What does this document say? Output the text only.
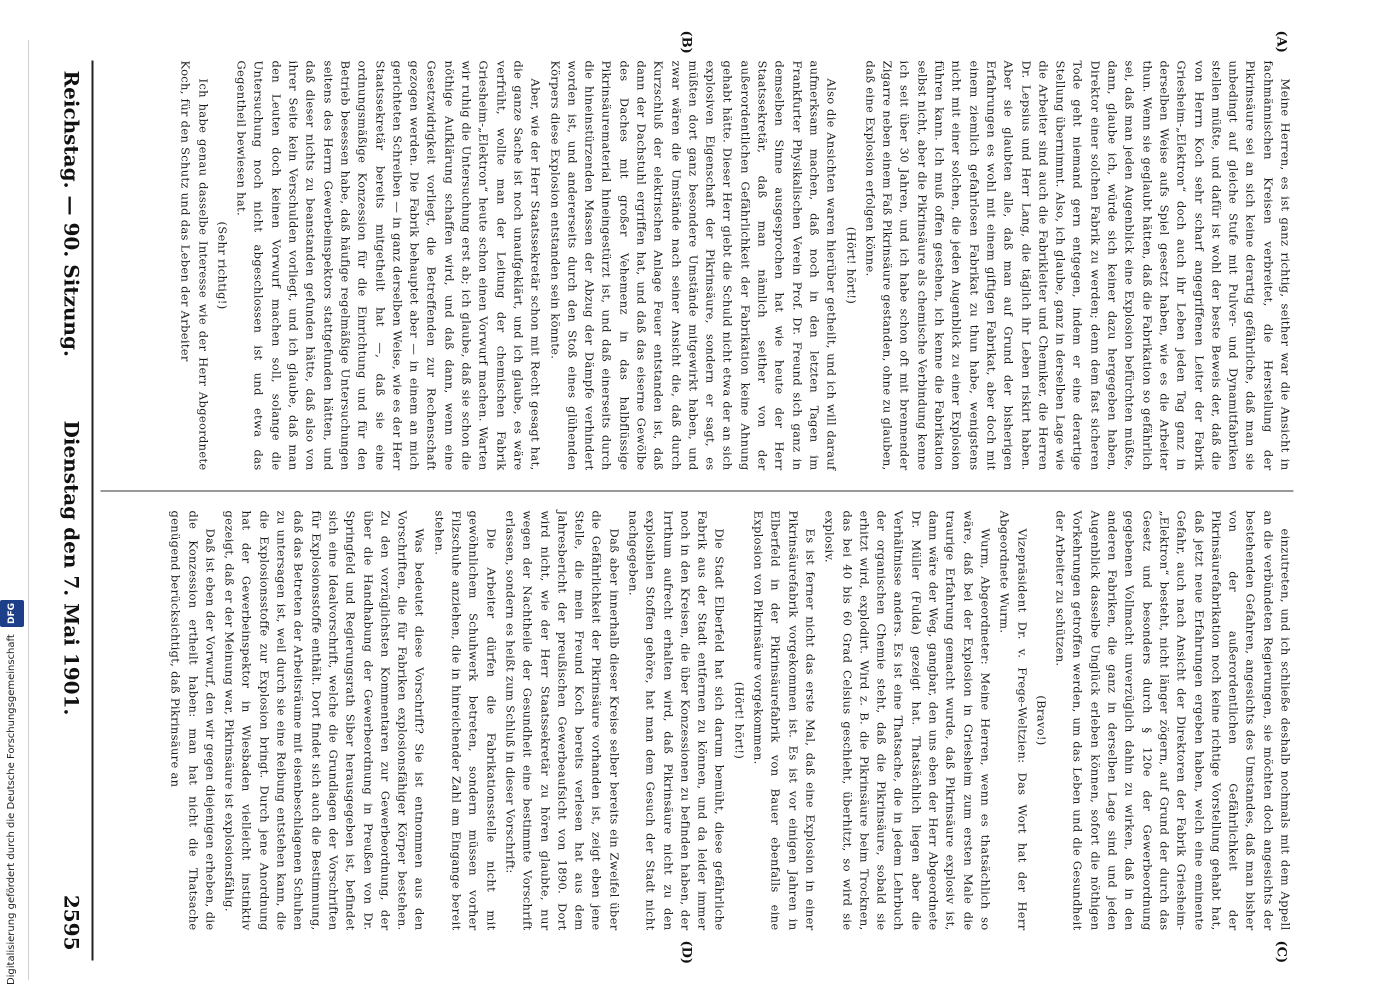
Digitalisierung gefördert durch die Deutsche Forschungsgemeinschaft DFG
Reichstag. — 90. Sitzung.
Dienstag den 7. Mai 1901.
2595
(A)
(B)
(C)
(D)

Meine Herren, es ist ganz richtig, seither war die Ansicht in fachmännischen Kreisen verbreitet, die Herstellung der Pikrinsäure sei an sich keine derartig gefährliche, daß man sie unbedingt auf gleiche Stufe mit Pulver- und Dynamitfabriken stellen müßte, und dafür ist wohl der beste Beweis der, daß die von Herrn Koch sehr scharf angegriffenen Leiter der Fabrik Griesheim-„Elektron“ doch auch ihr Leben jeden Tag ganz in derselben Weise aufs Spiel gesetzt haben, wie es die Arbeiter thun. Wenn sie geglaubt hätten, daß die Fabrikation so gefährlich sei, daß man jeden Augenblick eine Explosion befürchten müßte, dann, glaube ich, würde sich keiner dazu hergegeben haben, Direktor einer solchen Fabrik zu werden; denn dem fast sicheren Tode geht niemand gern entgegen, indem er eine derartige Stellung übernimmt. Also, ich glaube, ganz in derselben Lage wie die Arbeiter sind auch die Fabrikleiter und Chemiker, die Herren Dr. Lepsius und Herr Lang, die täglich ihr Leben riskirt haben. Aber sie glaubten alle, daß man auf Grund der bisherigen Erfahrungen es wohl mit einem giftigen Fabrikat, aber doch mit einem ziemlich gefahrlosen Fabrikat zu thun habe, wenigstens nicht mit einer solchen, die jeden Augenblick zu einer Explosion führen kann. Ich muß offen gestehen, ich kenne die Fabrikation selbst nicht, aber die Pikrinsäure als chemische Verbindung kenne ich seit über 30 Jahren, und ich habe schon oft mit brennender Zigarre neben einem Faß Pikrinsäure gestanden, ohne zu glauben, daß eine Explosion erfolgen könne.

(Hört! hört!)

Also die Ansichten waren hierüber getheilt, und ich will darauf aufmerksam machen, daß noch in den letzten Tagen im Frankfurter Physikalischen Verein Prof. Dr. Freund sich ganz in demselben Sinne ausgesprochen hat wie heute der Herr Staatssekretär, daß man nämlich seither von der außerordentlichen Gefährlichkeit der Fabrikation keine Ahnung gehabt hätte. Dieser Herr giebt die Schuld nicht etwa der an sich explosiven Eigenschaft der Pikrinsäure, sondern er sagt, es müßten dort ganz besondere Umstände mitgewirkt haben, und zwar wären die Umstände nach seiner Ansicht die, daß durch Kurzschluß der elektrischen Anlage Feuer entstanden ist, daß dann der Dachstuhl ergriffen hat, und daß das eiserne Gewölbe des Daches mit großer Vehemenz in das halbflüssige Pikrinsäurematerial hineingestürzt ist, und daß einerseits durch die hineinstürzenden Massen der Abzug der Dämpfe verhindert worden ist, und andererseits durch den Stoß eines glühenden Körpers diese Explosion entstanden sein könnte.

Aber, wie der Herr Staatssekretär schon mit Recht gesagt hat, die ganze Sache ist noch unaufgeklärt, und ich glaube, es wäre verfrüht, wollte man der Leitung der chemischen Fabrik Griesheim-„Elektron“ heute schon einen Vorwurf machen. Warten wir ruhig die Untersuchung erst ab; ich glaube, daß sie schon die nöthige Aufklärung schaffen wird, und daß dann, wenn eine Gesetzwidrigkeit vorliegt, die Betreffenden zur Rechenschaft gezogen werden. Die Fabrik behauptet aber — in einem an mich gerichteten Schreiben — in ganz derselben Weise, wie es der Herr Staatssekretär bereits mitgetheilt hat —, daß sie eine ordnungsmäßige Konzession für die Einrichtung und für den Betrieb besessen habe, daß häufige regelmäßige Untersuchungen seitens des Herrn Gewerbeinspektors stattgefunden hätten, und daß dieser nichts zu beanstanden gefunden hätte, daß also von ihrer Seite kein Verschulden vorliegt, und ich glaube, daß man den Leuten doch keinen Vorwurf machen soll, solange die Untersuchung noch nicht abgeschlossen ist und etwa das Gegentheil bewiesen hat.

(Sehr richtig!)

Ich habe genau dasselbe Interesse wie der Herr Abgeordnete Koch, für den Schutz und das Leben der Arbeiter

einzutreten, und ich schließe deshalb nochmals mit dem Appell an die verbündeten Regierungen, sie möchten doch angesichts der bestehenden Gefahren, angesichts des Umstandes, daß man bisher von der außerordentlichen Gefährlichkeit der Pikrinsäurefabrikation noch keine richtige Vorstellung gehabt hat, daß jetzt neue Erfahrungen ergeben haben, welch eine eminente Gefahr, auch nach Ansicht der Direktoren der Fabrik Griesheim-„Elektron“ besteht, nicht länger zögern, auf Grund der durch das Gesetz und besonders durch § 120e der Gewerbeordnung gegebenen Vollmacht unverzüglich dahin zu wirken, daß in den anderen Fabriken, die ganz in derselben Lage sind und jeden Augenblick dasselbe Unglück erleben können, sofort die nöthigen Vorkehrungen getroffen werden, um das Leben und die Gesundheit der Arbeiter zu schützen.

(Bravo!)

Vizepräsident Dr. v. Frege-Weltzien: Das Wort hat der Herr Abgeordnete Wurm.

Wurm, Abgeordneter: Meine Herren, wenn es thatsächlich so wäre, daß bei der Explosion in Griesheim zum ersten Male die traurige Erfahrung gemacht wurde, daß Pikrinsäure explosiv ist, dann wäre der Weg, gangbar, den uns eben der Herr Abgeordnete Dr. Müller (Fulda) gezeigt hat. Thatsächlich liegen aber die Verhältnisse anders. Es ist eine Thatsache, die in jedem Lehrbuch der organischen Chemie steht, daß die Pikrinsäure, sobald sie erhitzt wird, explodirt. Wird z. B. die Pikrinsäure beim Trocknen, das bei 40 bis 60 Grad Celsius geschieht, überhitzt, so wird sie explosiv.

Es ist ferner nicht das erste Mal, daß eine Explosion in einer Pikrinsäurefabrik vorgekommen ist. Es ist vor einigen Jahren in Elberfeld in der Pikrinsäurefabrik von Bauer ebenfalls eine Explosion von Pikrinsäure vorgekommen.

(Hört! hört!)

Die Stadt Elberfeld hat sich darum bemüht, diese gefährliche Fabrik aus der Stadt entfernen zu können, und da leider immer noch in den Kreisen, die über Konzessionen zu befinden haben, der Irrthum aufrecht erhalten wird, daß Pikrinsäure nicht zu den explosiblen Stoffen gehöre, hat man dem Gesuch der Stadt nicht nachgegeben.

Daß aber innerhalb dieser Kreise selber bereits ein Zweifel über die Gefährlichkeit der Pikrinsäure vorhanden ist, zeigt eben jene Stelle, die mein Freund Koch bereits verlesen hat aus dem Jahresbericht der preußischen Gewerbeaufsicht von 1890. Dort wird nicht, wie der Herr Staatssekretär zu hören glaubte, nur wegen der Nachtheile der Gesundheit eine bestimmte Vorschrift erlassen, sondern es heißt zum Schluß in dieser Vorschrift:

Die Arbeiter dürfen die Fabrikationsstelle nicht mit gewöhnlichem Schuhwerk betreten, sondern müssen vorher Filzschuhe anziehen, die in hinreichender Zahl am Eingange bereit stehen.

Was bedeutet diese Vorschrift? Sie ist entnommen aus den Vorschriften, die für Fabriken explosionsfähiger Körper bestehen. Zu den vorzüglichsten Kommentaren zur Gewerbeordnung, der über die Handhabung der Gewerbeordnung in Preußen von Dr. Springfeld und Regierungsrath Siber herausgegeben ist, befindet sich eine Idealvorschrift, welche die Grundlagen der Vorschriften für Explosionsstoffe enthält. Dort findet sich auch die Bestimmung, daß das Betreten der Arbeitsräume mit eisenbeschlagenen Schuhen zu untersagen ist, weil durch sie eine Reibung entstehen kann, die die Explosionsstoffe zur Explosion bringt. Durch jene Anordnung hat der Gewerbeinspektor in Wiesbaden vielleicht instinktiv gezeigt, daß er der Meinung war, Pikrinsäure ist explosionsfähig.

Daß ist eben der Vorwurf, den wir gegen diejenigen erheben, die die Konzession ertheilt haben: man hat nicht die Thatsache genügend berücksichtigt, daß Pikrinsäure an
